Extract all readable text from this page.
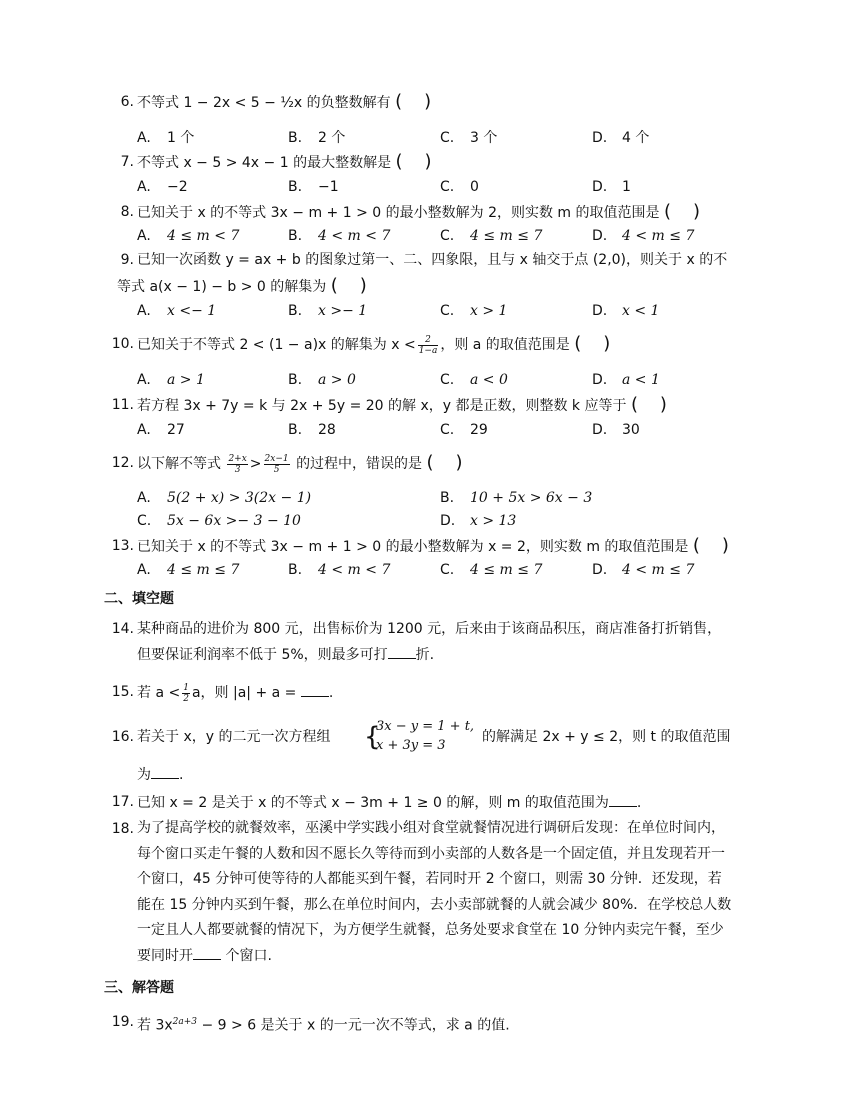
6. 不等式 1 − 2x < 5 − ½x 的负整数解有 ( )
A. 1 个	B. 2 个	C. 3 个	D. 4 个
7. 不等式 x − 5 > 4x − 1 的最大整数解是 ( )
A. −2	B. −1	C. 0	D. 1
8. 已知关于 x 的不等式 3x − m + 1 > 0 的最小整数解为 2，则实数 m 的取值范围是 ( )
A. 4 ≤ m < 7	B. 4 < m < 7	C. 4 ≤ m ≤ 7	D. 4 < m ≤ 7
9. 已知一次函数 y = ax + b 的图象过第一、二、四象限，且与 x 轴交于点 (2,0)，则关于 x 的不
等式 a(x − 1) − b > 0 的解集为 ( )
A. x <− 1	B. x >− 1	C. x > 1	D. x < 1
10. 已知关于不等式 2 < (1 − a)x 的解集为 $x < \frac{2}{1-a}$ ，则 a 的取值范围是 ( )
A. a > 1	B. a > 0	C. a < 0	D. a < 1
11. 若方程 3x + 7y = k 与 2x + 5y = 20 的解 x，y 都是正数，则整数 k 应等于 ( )
A. 27	B. 28	C. 29	D. 30
12. 以下解不等式 $\frac{2+x}{3} > \frac{2x-1}{5}$ 的过程中，错误的是 ( )
A. 5(2 + x) > 3(2x − 1)	B. 10 + 5x > 6x − 3
C. 5x − 6x >− 3 − 10	D. x > 13
13. 已知关于 x 的不等式 3x − m + 1 > 0 的最小整数解为 x = 2，则实数 m 的取值范围是 ( )
A. 4 ≤ m ≤ 7	B. 4 < m < 7	C. 4 ≤ m ≤ 7	D. 4 < m ≤ 7
二、填空题
14. 某种商品的进价为 800 元，出售标价为 1200 元，后来由于该商品积压，商店准备打折销售，
但要保证利润率不低于 5%，则最多可打 折.
15. 若 $a < \frac{1}{2}$ a，则 |a| + a = .
16. 若关于 x，y 的二元一次方程组 {
3x − y = 1 + t,
x + 3y = 3
的解满足 2x + y ≤ 2，则 t 的取值范围
为 .
17. 已知 x = 2 是关于 x 的不等式 x − 3m + 1 ≥ 0 的解，则 m 的取值范围为 .
18. 为了提高学校的就餐效率，巫溪中学实践小组对食堂就餐情况进行调研后发现：在单位时间内，
每个窗口买走午餐的人数和因不愿长久等待而到小卖部的人数各是一个固定值，并且发现若开一
个窗口，45 分钟可使等待的人都能买到午餐，若同时开 2 个窗口，则需 30 分钟．还发现，若
能在 15 分钟内买到午餐，那么在单位时间内，去小卖部就餐的人就会减少 80%．在学校总人数
一定且人人都要就餐的情况下，为方便学生就餐，总务处要求食堂在 10 分钟内卖完午餐，至少
要同时开 个窗口.
三、解答题
19. 若 $3x^{2a+3} - 9 > 6$ 是关于 x 的一元一次不等式，求 a 的值.
